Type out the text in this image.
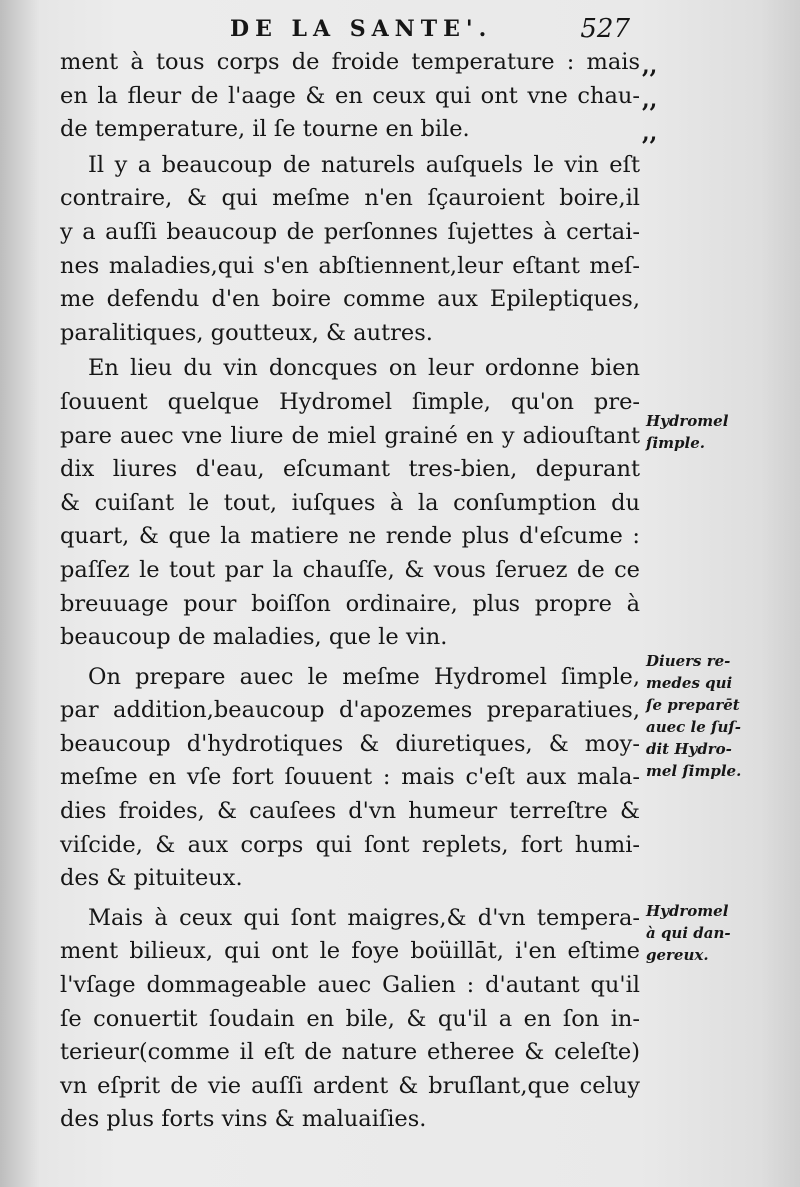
DE LA SANTE'.	527
,,
,,
,,
ment à tous corps de froide temperature : mais
en la fleur de l'aage & en ceux qui ont vne chau-
de temperature, il ſe tourne en bile.
Il y a beaucoup de naturels auſquels le vin eſt
contraire, & qui meſme n'en ſçauroient boire,il
y a auſſi beaucoup de perſonnes ſujettes à certai-
nes maladies,qui s'en abſtiennent,leur eſtant meſ-
me defendu d'en boire comme aux Epileptiques,
paralitiques, goutteux, & autres.
En lieu du vin doncques on leur ordonne bien
ſouuent quelque Hydromel ſimple, qu'on pre-
pare auec vne liure de miel grainé en y adiouſtant
dix liures d'eau, eſcumant tres-bien, depurant
& cuiſant le tout, iuſques à la conſumption du
quart, & que la matiere ne rende plus d'eſcume :
paſſez le tout par la chauſſe, & vous ſeruez de ce
breuuage pour boiſſon ordinaire, plus propre à
beaucoup de maladies, que le vin.
On prepare auec le meſme Hydromel ſimple,
par addition,beaucoup d'apozemes preparatiues,
beaucoup d'hydrotiques & diuretiques, & moy-
meſme en vſe fort ſouuent : mais c'eſt aux mala-
dies froides, & cauſees d'vn humeur terreſtre &
viſcide, & aux corps qui ſont replets, fort humi-
des & pituiteux.
Mais à ceux qui ſont maigres,& d'vn tempera-
ment bilieux, qui ont le foye boüillāt, i'en eſtime
l'vſage dommageable auec Galien : d'autant qu'il
ſe conuertit ſoudain en bile, & qu'il a en ſon in-
terieur(comme il eſt de nature etheree & celeſte)
vn eſprit de vie auſſi ardent & bruſlant,que celuy
des plus forts vins & maluaiſies.
Hydromel
ſimple.
Diuers re-
medes qui
ſe preparēt
auec le ſuſ-
dit Hydro-
mel ſimple.
Hydromel
à qui dan-
gereux.
